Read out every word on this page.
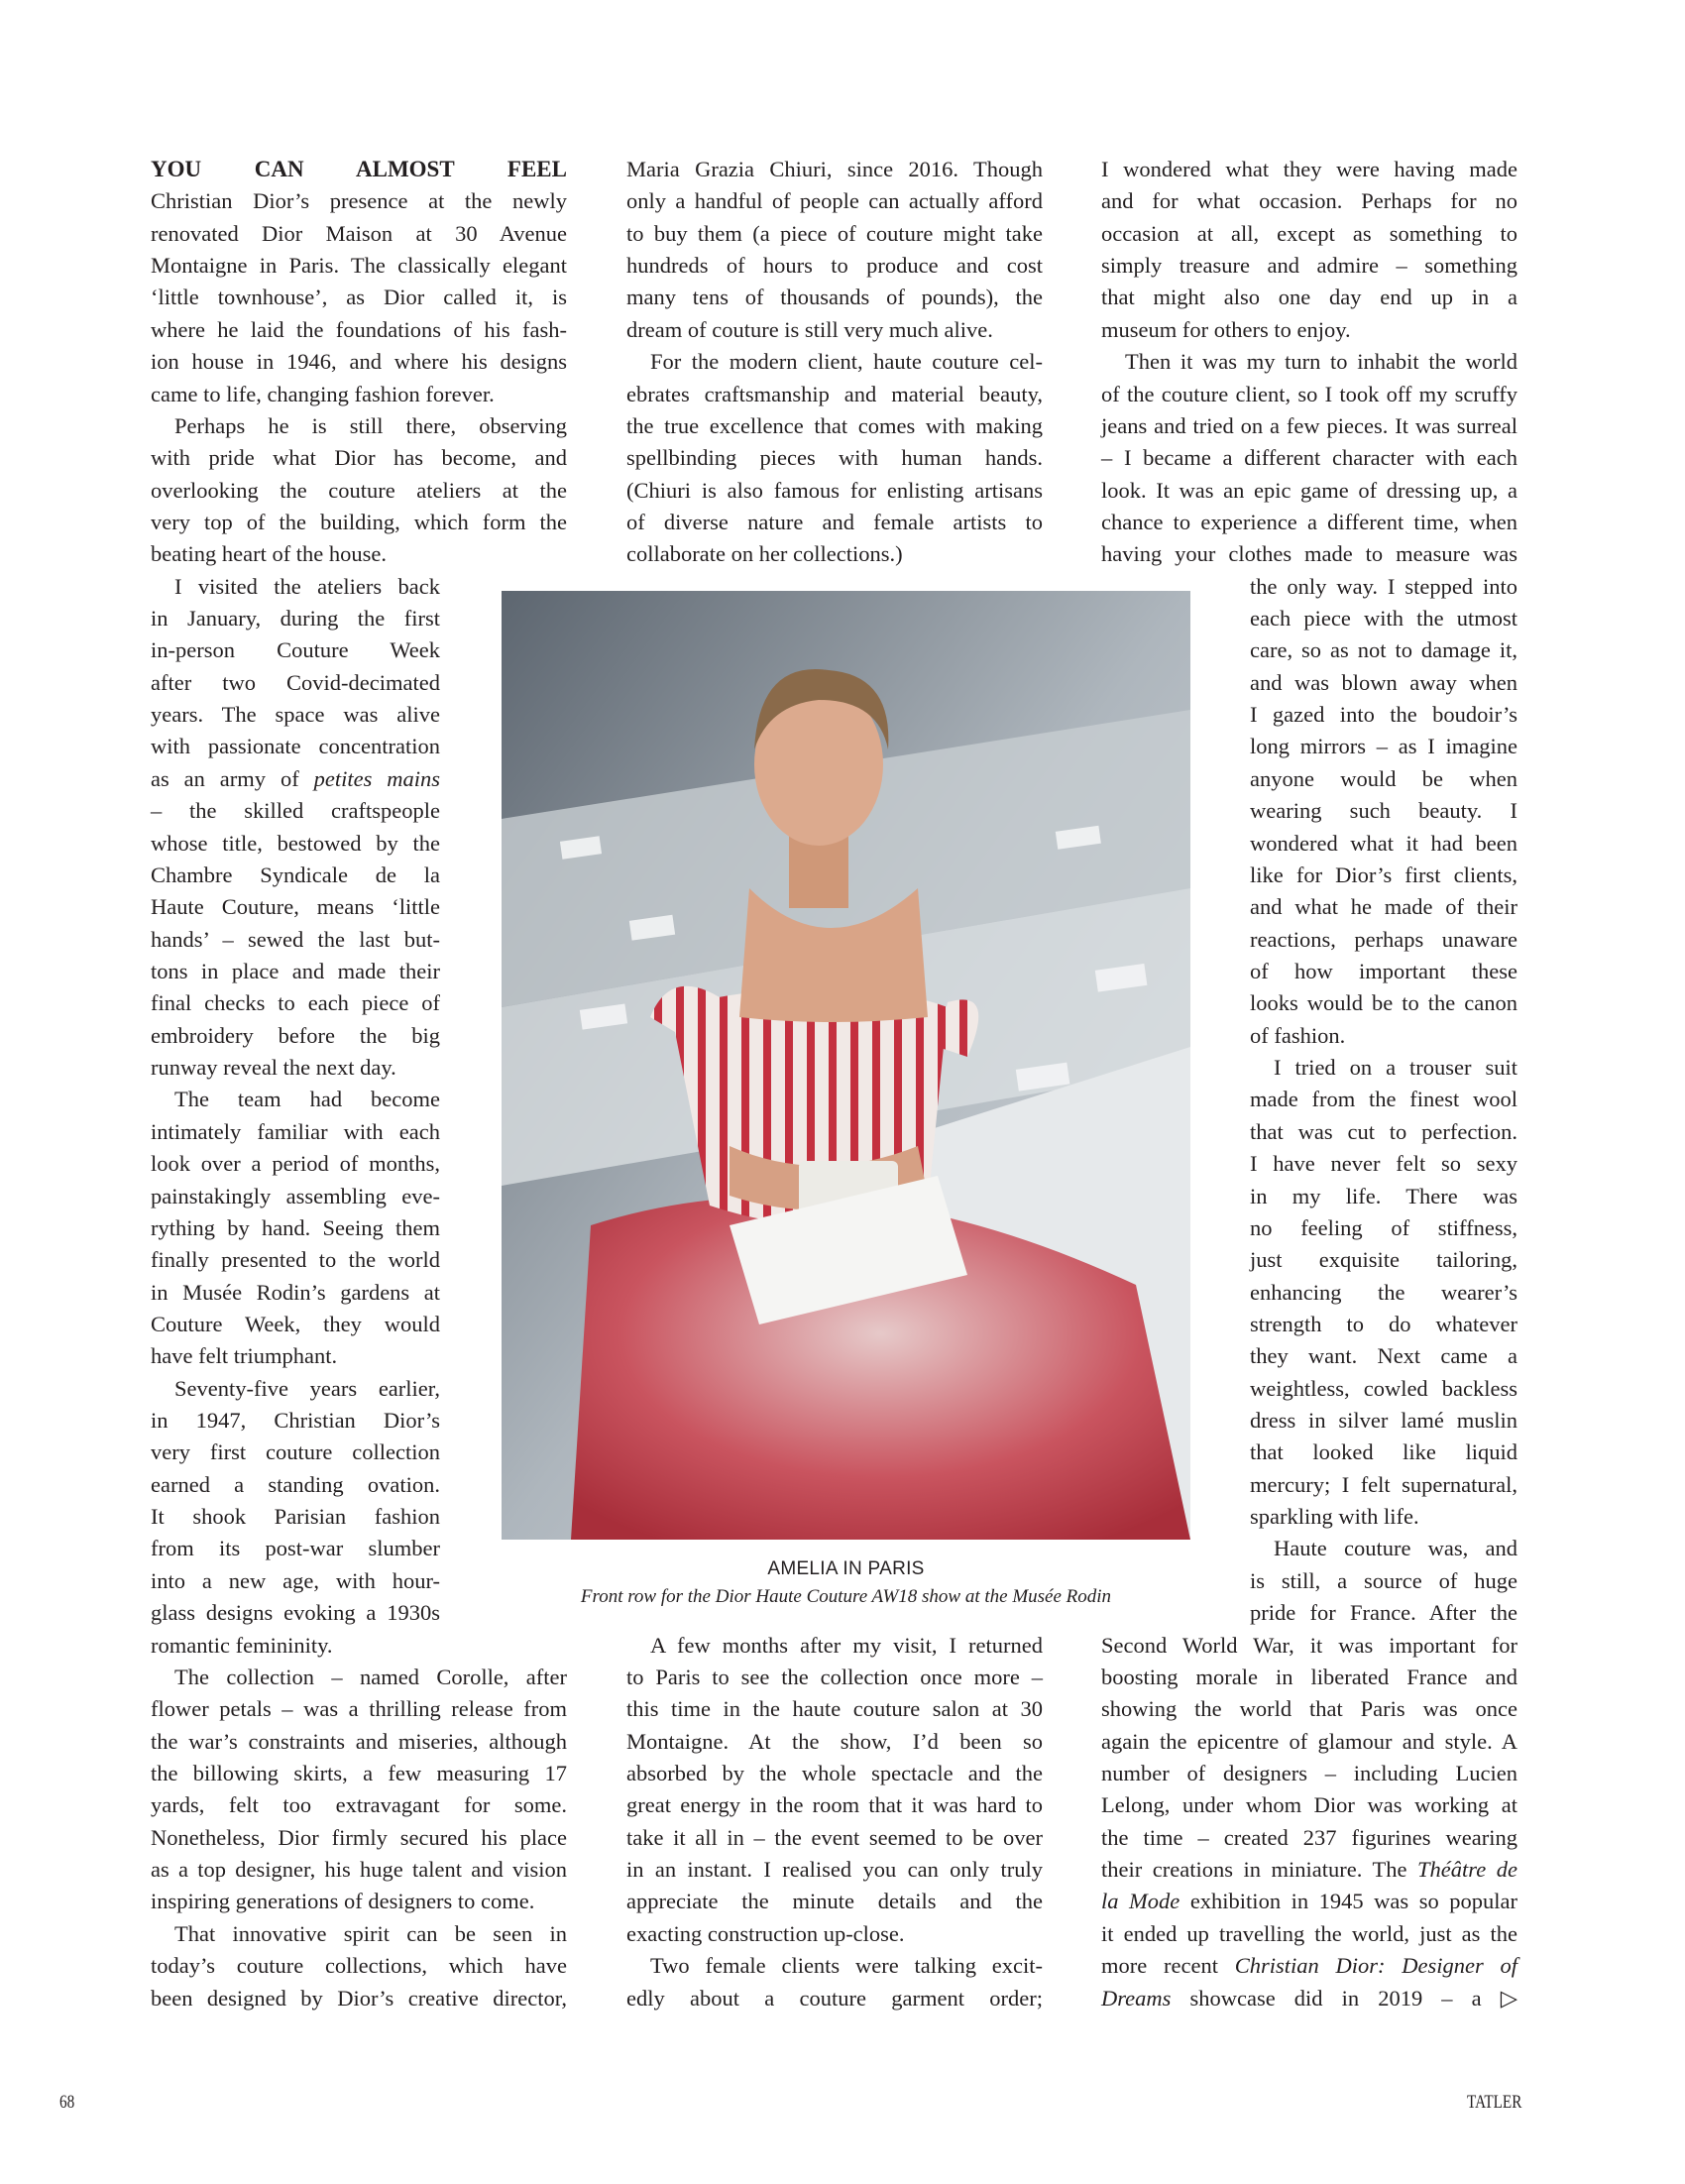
YOU CAN ALMOST FEEL
Christian Dior’s presence at the newly
renovated Dior Maison at 30 Avenue
Montaigne in Paris. The classically elegant
‘little townhouse’, as Dior called it, is
where he laid the foundations of his fash-
ion house in 1946, and where his designs
came to life, changing fashion forever.
Perhaps he is still there, observing
with pride what Dior has become, and
overlooking the couture ateliers at the
very top of the building, which form the
beating heart of the house.
I visited the ateliers back
in January, during the first
in-person Couture Week
after two Covid-decimated
years. The space was alive
with passionate concentration
as an army of petites mains
– the skilled craftspeople
whose title, bestowed by the
Chambre Syndicale de la
Haute Couture, means ‘little
hands’ – sewed the last but-
tons in place and made their
final checks to each piece of
embroidery before the big
runway reveal the next day.
The team had become
intimately familiar with each
look over a period of months,
painstakingly assembling eve-
rything by hand. Seeing them
finally presented to the world
in Musée Rodin’s gardens at
Couture Week, they would
have felt triumphant.
Seventy-five years earlier,
in 1947, Christian Dior’s
very first couture collection
earned a standing ovation.
It shook Parisian fashion
from its post-war slumber
into a new age, with hour-
glass designs evoking a 1930s
romantic femininity.
The collection – named Corolle, after
flower petals – was a thrilling release from
the war’s constraints and miseries, although
the billowing skirts, a few measuring 17
yards, felt too extravagant for some.
Nonetheless, Dior firmly secured his place
as a top designer, his huge talent and vision
inspiring generations of designers to come.
That innovative spirit can be seen in
today’s couture collections, which have
been designed by Dior’s creative director,
Maria Grazia Chiuri, since 2016. Though
only a handful of people can actually afford
to buy them (a piece of couture might take
hundreds of hours to produce and cost
many tens of thousands of pounds), the
dream of couture is still very much alive.
For the modern client, haute couture cel-
ebrates craftsmanship and material beauty,
the true excellence that comes with making
spellbinding pieces with human hands.
(Chiuri is also famous for enlisting artisans
of diverse nature and female artists to
collaborate on her collections.)
A few months after my visit, I returned
to Paris to see the collection once more –
this time in the haute couture salon at 30
Montaigne. At the show, I’d been so
absorbed by the whole spectacle and the
great energy in the room that it was hard to
take it all in – the event seemed to be over
in an instant. I realised you can only truly
appreciate the minute details and the
exacting construction up-close.
Two female clients were talking excit-
edly about a couture garment order;
I wondered what they were having made
and for what occasion. Perhaps for no
occasion at all, except as something to
simply treasure and admire – something
that might also one day end up in a
museum for others to enjoy.
Then it was my turn to inhabit the world
of the couture client, so I took off my scruffy
jeans and tried on a few pieces. It was surreal
– I became a different character with each
look. It was an epic game of dressing up, a
chance to experience a different time, when
having your clothes made to measure was
the only way. I stepped into
each piece with the utmost
care, so as not to damage it,
and was blown away when
I gazed into the boudoir’s
long mirrors – as I imagine
anyone would be when
wearing such beauty. I
wondered what it had been
like for Dior’s first clients,
and what he made of their
reactions, perhaps unaware
of how important these
looks would be to the canon
of fashion.
I tried on a trouser suit
made from the finest wool
that was cut to perfection.
I have never felt so sexy
in my life. There was
no feeling of stiffness,
just exquisite tailoring,
enhancing the wearer’s
strength to do whatever
they want. Next came a
weightless, cowled backless
dress in silver lamé muslin
that looked like liquid
mercury; I felt supernatural,
sparkling with life.
Haute couture was, and
is still, a source of huge
pride for France. After the
Second World War, it was important for
boosting morale in liberated France and
showing the world that Paris was once
again the epicentre of glamour and style. A
number of designers – including Lucien
Lelong, under whom Dior was working at
the time – created 237 figurines wearing
their creations in miniature. The Théâtre de
la Mode exhibition in 1945 was so popular
it ended up travelling the world, just as the
more recent Christian Dior: Designer of
Dreams showcase did in 2019 – a ▷
AMELIA IN PARIS
Front row for the Dior Haute Couture AW18 show at the Musée Rodin
68	TATLER
